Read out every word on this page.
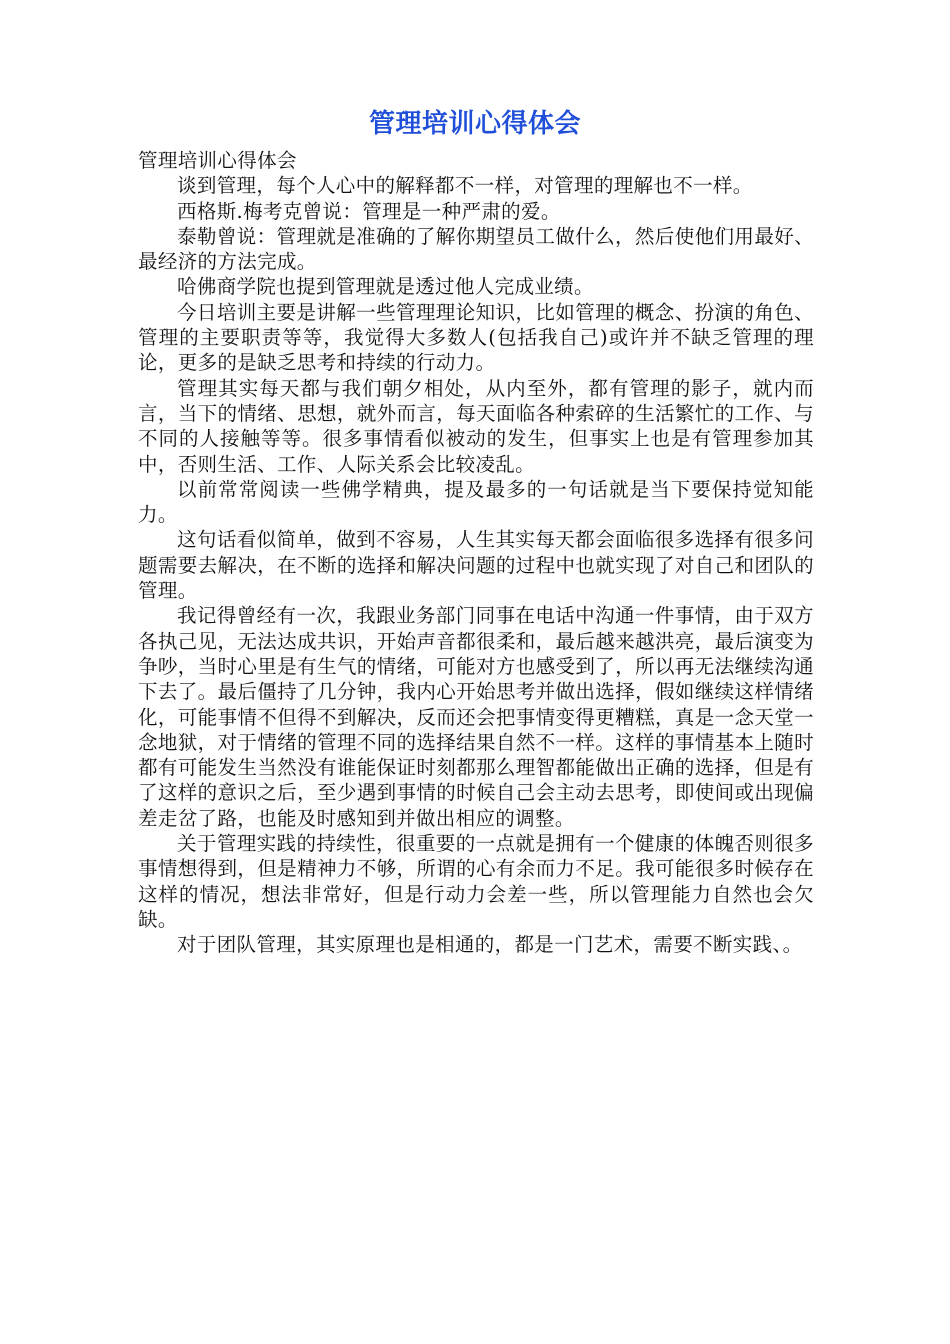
管理培训心得体会

管理培训心得体会

谈到管理，每个人心中的解释都不一样，对管理的理解也不一样。

西格斯.梅考克曾说：管理是一种严肃的爱。

泰勒曾说：管理就是准确的了解你期望员工做什么，然后使他们用最好、最经济的方法完成。

哈佛商学院也提到管理就是透过他人完成业绩。

今日培训主要是讲解一些管理理论知识，比如管理的概念、扮演的角色、管理的主要职责等等，我觉得大多数人(包括我自己)或许并不缺乏管理的理论，更多的是缺乏思考和持续的行动力。

管理其实每天都与我们朝夕相处，从内至外，都有管理的影子，就内而言，当下的情绪、思想，就外而言，每天面临各种索碎的生活繁忙的工作、与不同的人接触等等。很多事情看似被动的发生，但事实上也是有管理参加其中，否则生活、工作、人际关系会比较凌乱。

以前常常阅读一些佛学精典，提及最多的一句话就是当下要保持觉知能力。

这句话看似简单，做到不容易，人生其实每天都会面临很多选择有很多问题需要去解决，在不断的选择和解决问题的过程中也就实现了对自己和团队的管理。

我记得曾经有一次，我跟业务部门同事在电话中沟通一件事情，由于双方各执己见，无法达成共识，开始声音都很柔和，最后越来越洪亮，最后演变为争吵，当时心里是有生气的情绪，可能对方也感受到了，所以再无法继续沟通下去了。最后僵持了几分钟，我内心开始思考并做出选择，假如继续这样情绪化，可能事情不但得不到解决，反而还会把事情变得更糟糕，真是一念天堂一念地狱，对于情绪的管理不同的选择结果自然不一样。这样的事情基本上随时都有可能发生当然没有谁能保证时刻都那么理智都能做出正确的选择，但是有了这样的意识之后，至少遇到事情的时候自己会主动去思考，即使间或出现偏差走岔了路，也能及时感知到并做出相应的调整。

关于管理实践的持续性，很重要的一点就是拥有一个健康的体魄否则很多事情想得到，但是精神力不够，所谓的心有余而力不足。我可能很多时候存在这样的情况，想法非常好，但是行动力会差一些，所以管理能力自然也会欠缺。

对于团队管理，其实原理也是相通的，都是一门艺术，需要不断实践、。
